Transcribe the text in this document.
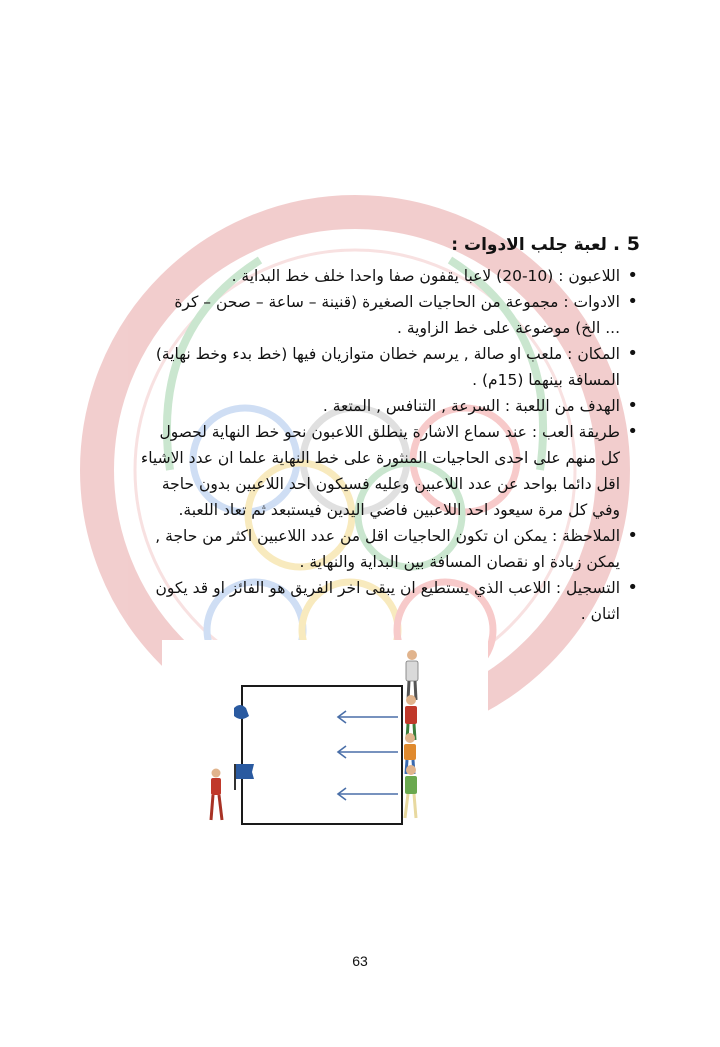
5 .لعبة جلب الادوات :
• اللاعبون : (10-20) لاعبا يقفون صفا واحدا خلف خط البداية .
• الادوات : مجموعة من الحاجيات الصغيرة (قنينة – ساعة – صحن – كرة
... الخ) موضوعة على خط الزاوية .
• المكان : ملعب او صالة , يرسم خطان متوازيان فيها (خط بدء وخط نهاية)
المسافة بينهما (15م) .
• الهدف من اللعبة : السرعة , التنافس , المتعة .
• طريقة العب : عند سماع الاشارة ينطلق اللاعبون نحو خط النهاية لحصول
كل منهم على احدى الحاجيات المنثورة على خط النهاية علما ان عدد الاشياء
اقل دائما بواحد عن عدد اللاعبين وعليه فسيكون احد اللاعبين بدون حاجة
وفي كل مرة سيعود احد اللاعبين فاضي اليدين فيستبعد ثم تعاد اللعبة.
• الملاحظة : يمكن ان تكون الحاجيات اقل من عدد اللاعبين اكثر من حاجة ,
يمكن زيادة او نقصان المسافة بين البداية والنهاية .
• التسجيل : اللاعب الذي يستطيع ان يبقى اخر الفريق هو الفائز او قد يكون
اثنان .
63
